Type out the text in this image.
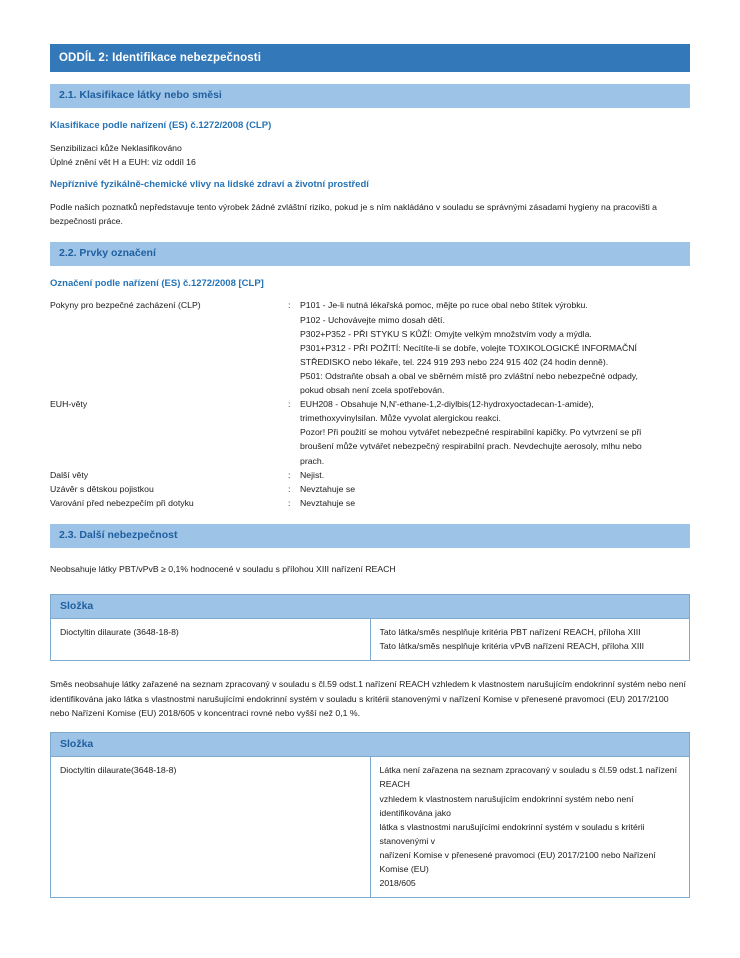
ODDÍL 2: Identifikace nebezpečnosti
2.1. Klasifikace látky nebo směsi
Klasifikace podle nařízení (ES) č.1272/2008 (CLP)
Senzibilizaci kůže Neklasifikováno
Úplné znění vět H a EUH: viz oddíl 16
Nepříznivé fyzikálně-chemické vlivy na lidské zdraví a životní prostředí
Podle našich poznatků nepředstavuje tento výrobek žádné zvláštní riziko, pokud je s ním nakládáno v souladu se správnými zásadami hygieny na pracovišti a bezpečnosti práce.
2.2. Prvky označení
Označení podle nařízení (ES) č.1272/2008 [CLP]
Pokyny pro bezpečné zacházení (CLP)	:	P101 - Je-li nutná lékařská pomoc, mějte po ruce obal nebo štítek výrobku.
P102 - Uchovávejte mimo dosah dětí.
P302+P352 - PŘI STYKU S KŮŽÍ: Omyjte velkým množstvím vody a mýdla.
P301+P312 - PŘI POŽITÍ: Necítíte-li se dobře, volejte TOXIKOLOGICKÉ INFORMAČNÍ
STŘEDISKO nebo lékaře, tel. 224 919 293 nebo 224 915 402 (24 hodin denně).
P501: Odstraňte obsah a obal ve sběrném místě pro zvláštní nebo nebezpečné odpady,
pokud obsah není zcela spotřebován.

EUH-věty	:	EUH208 - Obsahuje N,N'-ethane-1,2-diylbis(12-hydroxyoctadecan-1-amide),
trimethoxyvinylsilan. Může vyvolat alergickou reakci.
Pozor! Při použití se mohou vytvářet nebezpečné respirabilní kapičky. Po vytvrzení se při
broušení může vytvářet nebezpečný respirabilní prach. Nevdechujte aerosoly, mlhu nebo
prach.

Další věty	:	Nejist.

Uzávěr s dětskou pojistkou	:	Nevztahuje se

Varování před nebezpečím při dotyku	:	Nevztahuje se
2.3. Další nebezpečnost
Neobsahuje látky PBT/vPvB ≥ 0,1% hodnocené v souladu s přílohou XIII nařízení REACH
Složka
Dioctyltin dilaurate (3648-18-8)	Tato látka/směs nesplňuje kritéria PBT nařízení REACH, příloha XIII
Tato látka/směs nesplňuje kritéria vPvB nařízení REACH, příloha XIII
Směs neobsahuje látky zařazené na seznam zpracovaný v souladu s čl.59 odst.1 nařízení REACH vzhledem k vlastnostem narušujícím endokrinní systém nebo není identifikována jako látka s vlastnostmi narušujícími endokrinní systém v souladu s kritérii stanovenými v nařízení Komise v přenesené pravomoci (EU) 2017/2100 nebo Nařízení Komise (EU) 2018/605 v koncentraci rovné nebo vyšší než 0,1 %.
Složka
Dioctyltin dilaurate(3648-18-8)	Látka není zařazena na seznam zpracovaný v souladu s čl.59 odst.1 nařízení REACH
vzhledem k vlastnostem narušujícím endokrinní systém nebo není identifikována jako
látka s vlastnostmi narušujícími endokrinní systém v souladu s kritérii stanovenými v
nařízení Komise v přenesené pravomoci (EU) 2017/2100 nebo Nařízení Komise (EU)
2018/605
